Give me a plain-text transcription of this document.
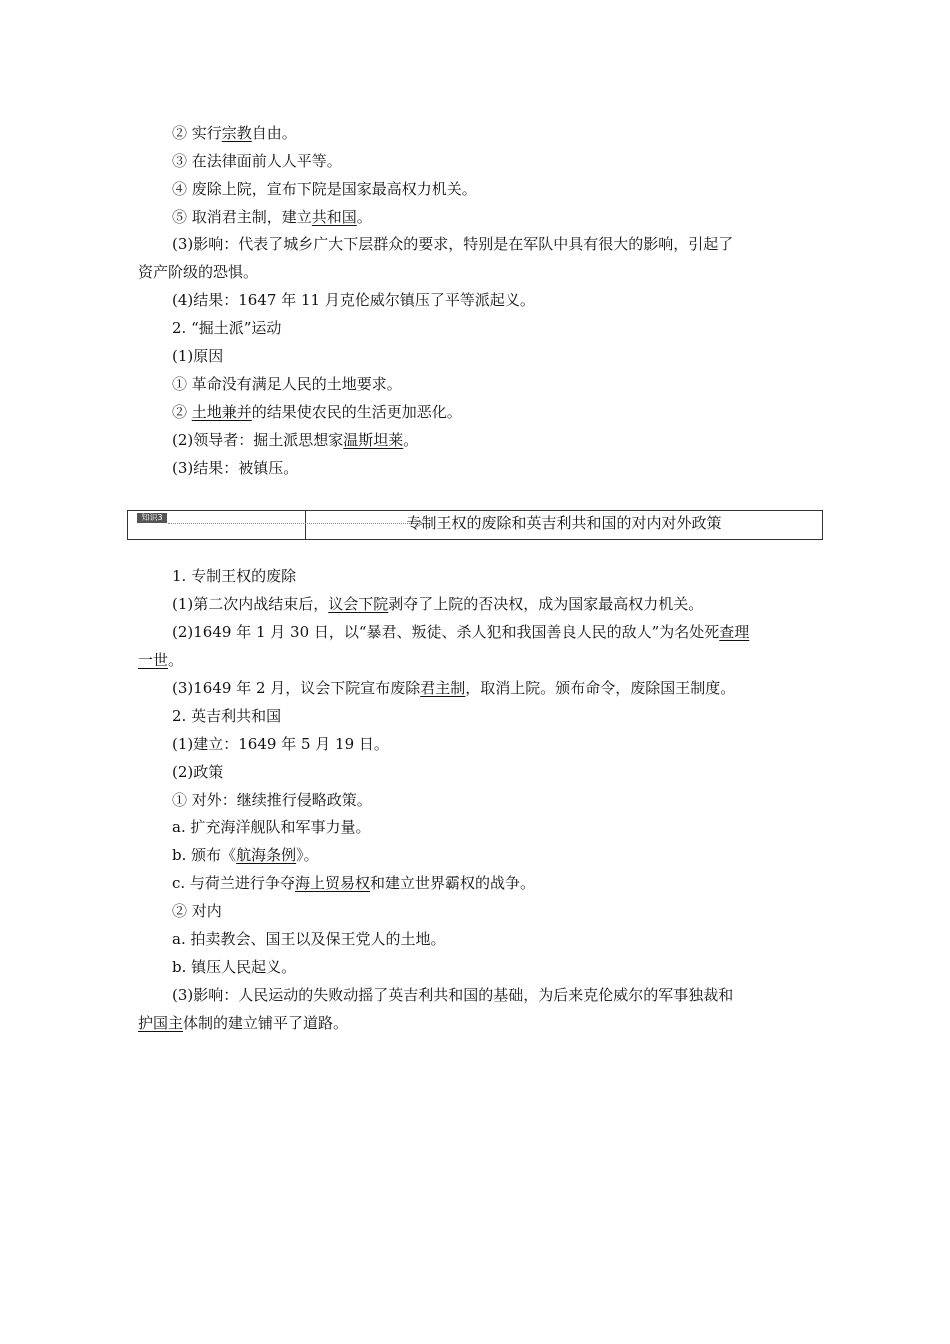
② 实行宗教自由。
③ 在法律面前人人平等。
④ 废除上院，宣布下院是国家最高权力机关。
⑤ 取消君主制，建立共和国。
(3)影响：代表了城乡广大下层群众的要求，特别是在军队中具有很大的影响，引起了
资产阶级的恐惧。
(4)结果：1647 年 11 月克伦威尔镇压了平等派起义。
2. “掘土派”运动
(1)原因
① 革命没有满足人民的土地要求。
② 土地兼并的结果使农民的生活更加恶化。
(2)领导者：掘土派思想家温斯坦莱。
(3)结果：被镇压。
知识3	专制王权的废除和英吉利共和国的对内对外政策
1. 专制王权的废除
(1)第二次内战结束后，议会下院剥夺了上院的否决权，成为国家最高权力机关。
(2)1649 年 1 月 30 日，以“暴君、叛徒、杀人犯和我国善良人民的敌人”为名处死查理
一世。
(3)1649 年 2 月，议会下院宣布废除君主制，取消上院。颁布命令，废除国王制度。
2. 英吉利共和国
(1)建立：1649 年 5 月 19 日。
(2)政策
① 对外：继续推行侵略政策。
a. 扩充海洋舰队和军事力量。
b. 颁布《航海条例》。
c. 与荷兰进行争夺海上贸易权和建立世界霸权的战争。
② 对内
a. 拍卖教会、国王以及保王党人的土地。
b. 镇压人民起义。
(3)影响：人民运动的失败动摇了英吉利共和国的基础，为后来克伦威尔的军事独裁和
护国主体制的建立铺平了道路。
